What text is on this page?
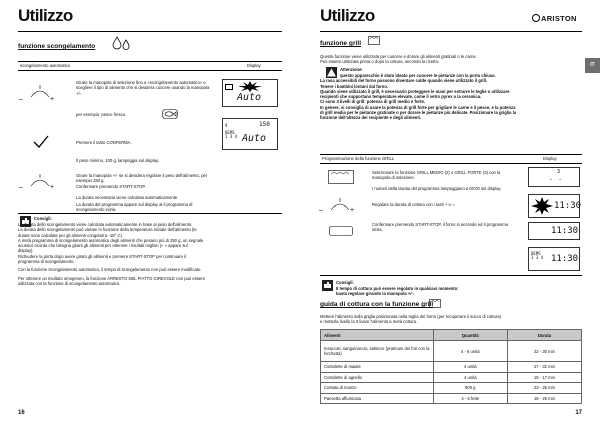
Utilizzo
funzione scongelamento
scongelamento automatico	Display
–	+
Girare la manopola di selezione fino a «scongelamento automatico» e scegliere il tipo di alimento che si desidera cuocere usando la manopola +/-.
per esempio: pesce fresco.
Auto
Premere il tasto CONFERMA.
Il peso minimo, 100 g, lampeggia sul display.
g	150
DEMS
1 3 4 Auto
–	+
Girare la manopola +/- se si desidera regolare il peso dell'alimento, per esempio 150 g.
Confermare premendo START-STOP.
La durata necessaria viene calcolata automaticamente.
La durata del programma appare sul display al il programma di scongelamento inizia.
Consigli:
La durata dello scongelamento viene calcolata automaticamente in base al peso dell'alimento.
La durata dello scongelamento può variare in funzione della temperatura iniziale dell'alimento (le
durate sono calcolate per gli alimenti congelati a -18° C).
A metà programma di scongelamento automatico degli alimenti che pesano più di 250 g, un segnale
acustico ricorda che bisogna girare gli alimenti per ottenere i risultati migliori (« » appare sul
display).
Richiudere la porta dopo avere girato gli alimenti e premere START-STOP per continuare il
programma di scongelamento.
Con la funzione Scongelamento automatico, il tempo di scongelamento non può essere modificato.
Per ottenere un risultato omogeneo, la funzione ARRESTO DEL PIATTO GIREVOLE non può essere
utilizzata con la funzione di scongelamento automatico.
16
Utilizzo	ARISTON
IT
funzione grill
Questa funzione viene utilizzata per cuocere e dorare gli alimenti gratinati o le carne.
Può essere utilizzata prima o dopo la cottura, secondo la ricetta.
Attenzione:
questo apparecchio è stato ideato per cuocere le pietanze con la porta chiusa.
La rasa accessibili del forno possono diventare calde quando viene utilizzato il grill.
Tenere i bambini lontani dal forno.
Quando viene utilizzato il grill, è necessario proteggere le mani per estrarre le teglie o utilizzare
recipienti che supportano temperature elevate, come il vetro pyrex o la ceramica.
Ci sono 3 livelli di grill: potenza di grill medio e forte.
In genere, si consiglia di usare la potenza di grill forte per grigliare le carne e il pesce, e la potenza
di grill media per le pietanze gratinate o per dorare le pietanze più delicate. Posizionare la griglia la
funzione dell'altezza dei recipiente e degli alimenti.
Programmazione della funzione GRILL	Display
Selezionare la funzione GRILL MEDIO (2) o GRILL FORTE (3) con la manopola di selezione.
I numeri della durata del programma lampeggiano a 00:00 sul display.
–	+
Regolare la durata di cottura con i tasti + o –.
Confermare premendo START-STOP, il forno si accende ed il programma inizia.
3
- -
11:30
11:30
DEMS
1 3 4 11:30
Consigli:
Il tempo di cottura può essere regolato in qualsiasi momento:
basta regolare girando la manopola +/-.
guida di cottura con la funzione grill
Mettere l'alimento sulla griglia posizionata nella teglia del forno (per recuperare il succo di cottura)
e metterla livello la 3 livare l'alimento a metà cottura.
Alimenti	Quantità	Durata
Insaccati, sanguinaccio, salsicce (praticare dei fori con la forchetta)	4 - 6 unità	22 - 30 min
Costolette di maiale	4 unità	27 - 32 min
Costolette di agnello	4 unità	15 - 17 min
Costata di manzo	800 g	23 - 25 min
Pancetta affumicata	4 - 6 fette	18 - 25 min
17
